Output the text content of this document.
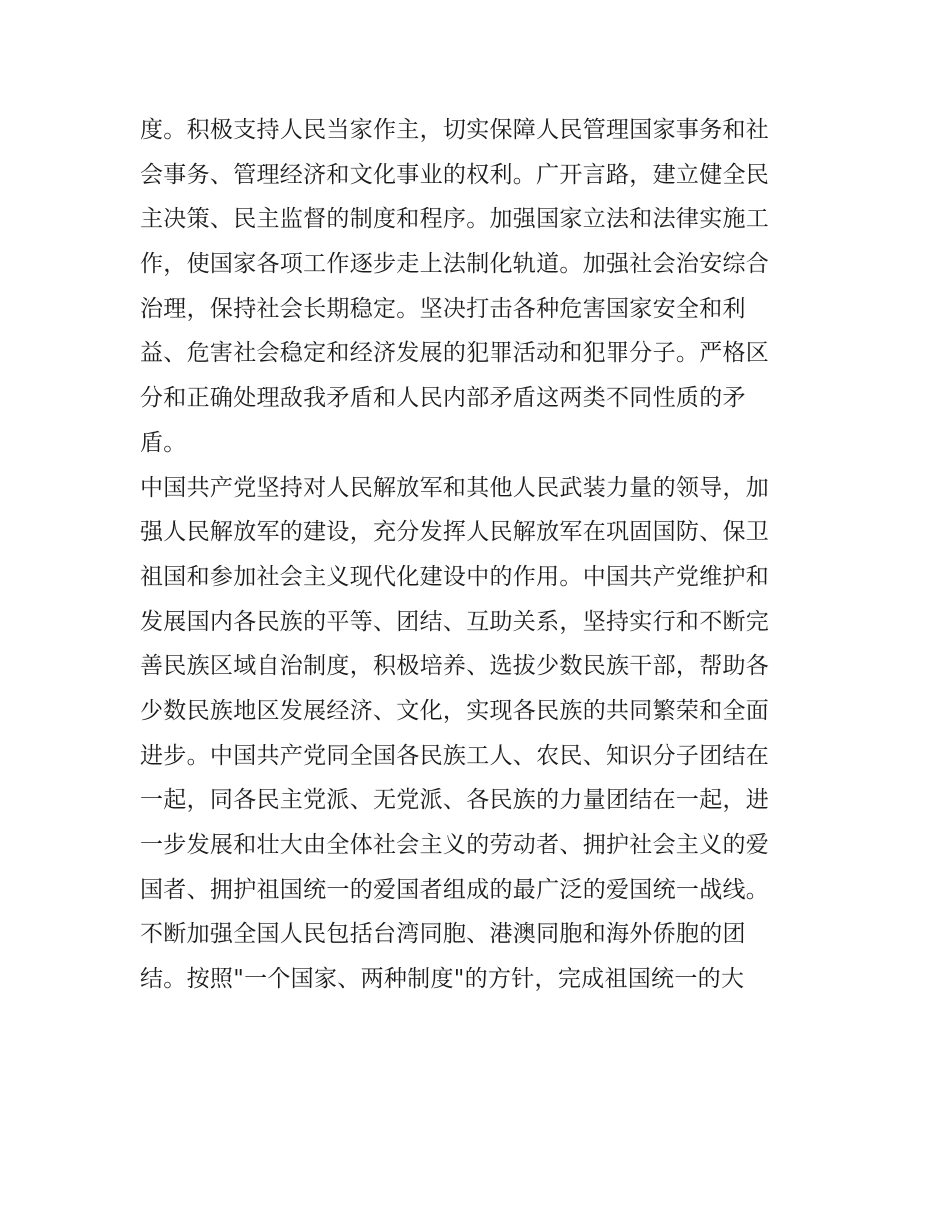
度。积极支持人民当家作主，切实保障人民管理国家事务和社
会事务、管理经济和文化事业的权利。广开言路，建立健全民
主决策、民主监督的制度和程序。加强国家立法和法律实施工
作，使国家各项工作逐步走上法制化轨道。加强社会治安综合
治理，保持社会长期稳定。坚决打击各种危害国家安全和利
益、危害社会稳定和经济发展的犯罪活动和犯罪分子。严格区
分和正确处理敌我矛盾和人民内部矛盾这两类不同性质的矛
盾。
中国共产党坚持对人民解放军和其他人民武装力量的领导，加
强人民解放军的建设，充分发挥人民解放军在巩固国防、保卫
祖国和参加社会主义现代化建设中的作用。中国共产党维护和
发展国内各民族的平等、团结、互助关系，坚持实行和不断完
善民族区域自治制度，积极培养、选拔少数民族干部，帮助各
少数民族地区发展经济、文化，实现各民族的共同繁荣和全面
进步。中国共产党同全国各民族工人、农民、知识分子团结在
一起，同各民主党派、无党派、各民族的力量团结在一起，进
一步发展和壮大由全体社会主义的劳动者、拥护社会主义的爱
国者、拥护祖国统一的爱国者组成的最广泛的爱国统一战线。
不断加强全国人民包括台湾同胞、港澳同胞和海外侨胞的团
结。按照"一个国家、两种制度"的方针，完成祖国统一的大
